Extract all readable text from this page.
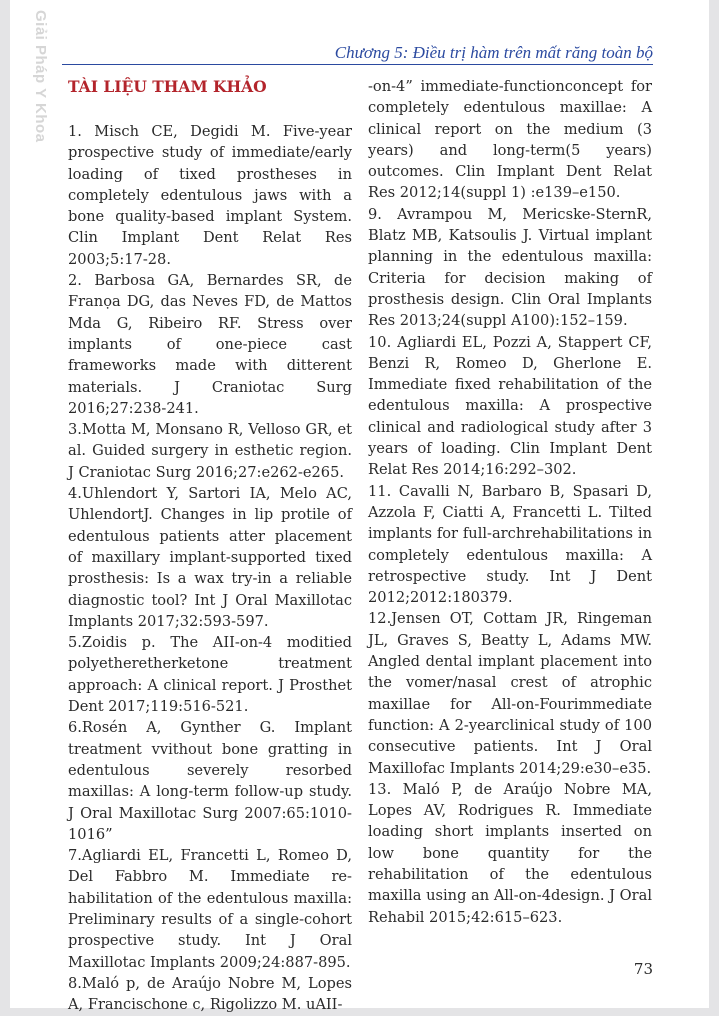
Giải Pháp Y Khoa	Chương 5: Điều trị hàm trên mất răng toàn bộ
TÀI LIỆU THAM KHẢO

1. Misch CE, Degidi M. Five-year prospective study of immediate/early loading of tixed prostheses in completely edentulous jaws with a bone quality-based implant System. Clin Implant Dent Relat Res 2003;5:17-28.

2. Barbosa GA, Bernardes SR, de Franọa DG, das Neves FD, de Mattos Mda G, Ribeiro RF. Stress over implants of one-piece cast frameworks made with ditterent materials. J Craniotac Surg 2016;27:238-241.

3.Motta M, Monsano R, Velloso GR, et al. Guided surgery in esthetic region. J Craniotac Surg 2016;27:e262-e265.

4.Uhlendort Y, Sartori IA, Melo AC, UhlendortJ. Changes in lip protile of edentulous patients atter placement of maxillary implant-supported tixed prosthesis: Is a wax try-in a reliable diagnostic tool? Int J Oral Maxillotac Implants 2017;32:593-597.

5.Zoidis p. The AII-on-4 moditied polyetheretherketone treatment approach: A clinical report. J Prosthet Dent 2017;119:516-521.

6.Rosén A, Gynther G. Implant treatment vvithout bone gratting in edentulous severely resorbed maxillas: A long-term follow-up study. J Oral Maxillotac Surg 2007:65:1010-1016”

7.Agliardi EL, Francetti L, Romeo D, Del Fabbro M. Immediate re- habilitation of the edentulous maxilla: Preliminary results of a single-cohort prospective study. Int J Oral Maxillotac Implants 2009;24:887-895.

8.Maló p, de Araújo Nobre M, Lopes A, Francischone c, Rigolizzo M. uAII-

-on-4” immediate-functionconcept for completely edentulous maxillae: A clinical report on the medium (3 years) and long-term(5 years) outcomes. Clin Implant Dent Relat Res 2012;14(suppl 1) :e139–e150.

9. Avrampou M, Mericske-SternR, Blatz MB, Katsoulis J. Virtual implant planning in the edentulous maxilla: Criteria for decision making of prosthesis design. Clin Oral Implants Res 2013;24(suppl A100):152–159.

10. Agliardi EL, Pozzi A, Stappert CF, Benzi R, Romeo D, Gherlone E. Immediate fixed rehabilitation of the edentulous maxilla: A prospective clinical and radiological study after 3 years of loading. Clin Implant Dent Relat Res 2014;16:292–302.

11. Cavalli N, Barbaro B, Spasari D, Azzola F, Ciatti A, Francetti L. Tilted implants for full-archrehabilitations in completely edentulous maxilla: A retrospective study. Int J Dent 2012;2012:180379.

12.Jensen OT, Cottam JR, Ringeman JL, Graves S, Beatty L, Adams MW. Angled dental implant placement into the vomer/nasal crest of atrophic maxillae for All-on-Fourimmediate function: A 2-yearclinical study of 100 consecutive patients. Int J Oral Maxillofac Implants 2014;29:e30–e35.

13. Maló P, de Araújo Nobre MA, Lopes AV, Rodrigues R. Immediate loading short implants inserted on low bone quantity for the rehabilitation of the edentulous maxilla using an All-on-4design. J Oral Rehabil 2015;42:615–623.

73
